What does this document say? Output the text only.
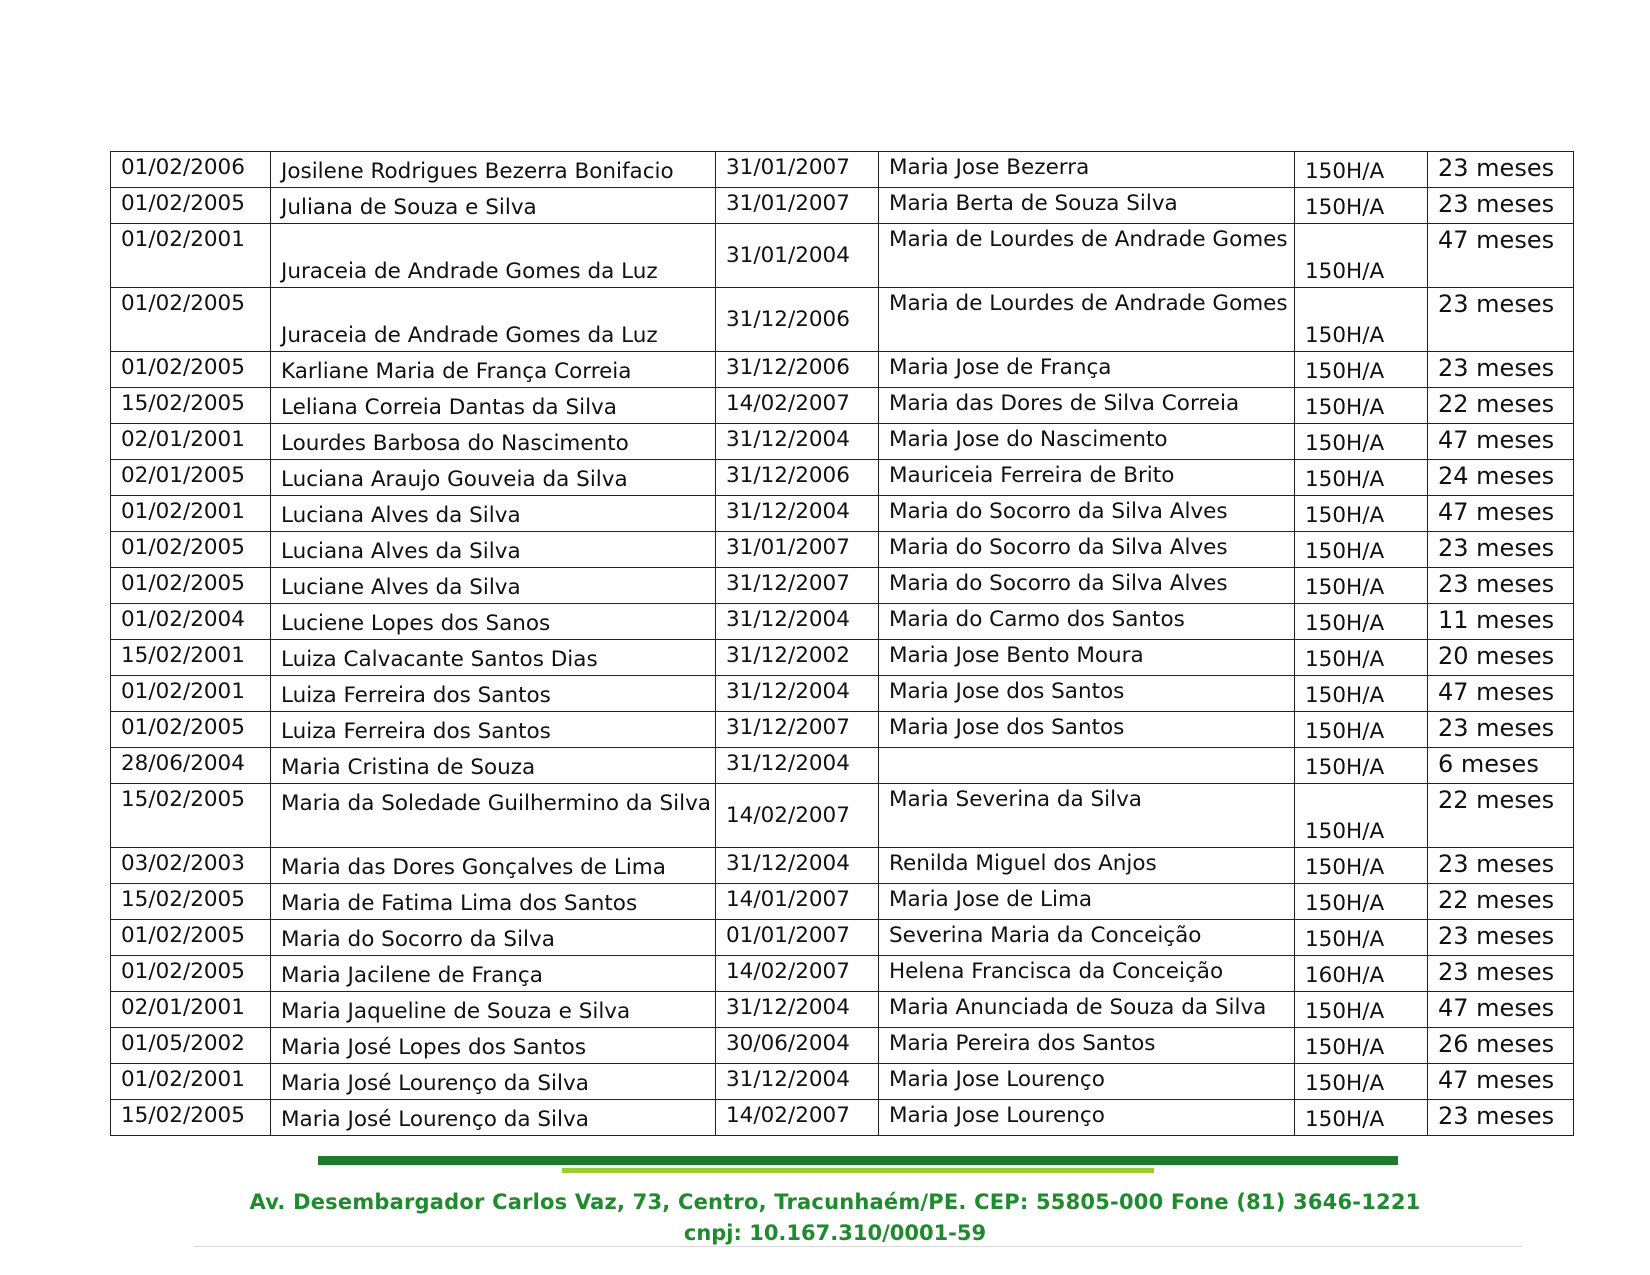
01/02/2006	Josilene Rodrigues Bezerra Bonifacio	31/01/2007	Maria Jose Bezerra	150H/A	23 meses
01/02/2005	Juliana de Souza e Silva	31/01/2007	Maria Berta de Souza Silva	150H/A	23 meses
01/02/2001	Juraceia de Andrade Gomes da Luz	31/01/2004	Maria de Lourdes de Andrade Gomes	150H/A	47 meses
01/02/2005	Juraceia de Andrade Gomes da Luz	31/12/2006	Maria de Lourdes de Andrade Gomes	150H/A	23 meses
01/02/2005	Karliane Maria de França Correia	31/12/2006	Maria Jose de França	150H/A	23 meses
15/02/2005	Leliana Correia Dantas da Silva	14/02/2007	Maria das Dores de Silva Correia	150H/A	22 meses
02/01/2001	Lourdes Barbosa do Nascimento	31/12/2004	Maria Jose do Nascimento	150H/A	47 meses
02/01/2005	Luciana Araujo Gouveia da Silva	31/12/2006	Mauriceia Ferreira de Brito	150H/A	24 meses
01/02/2001	Luciana Alves da Silva	31/12/2004	Maria do Socorro da Silva Alves	150H/A	47 meses
01/02/2005	Luciana Alves da Silva	31/01/2007	Maria do Socorro da Silva Alves	150H/A	23 meses
01/02/2005	Luciane Alves da Silva	31/12/2007	Maria do Socorro da Silva Alves	150H/A	23 meses
01/02/2004	Luciene Lopes dos Sanos	31/12/2004	Maria do Carmo dos Santos	150H/A	11 meses
15/02/2001	Luiza Calvacante Santos Dias	31/12/2002	Maria Jose Bento Moura	150H/A	20 meses
01/02/2001	Luiza Ferreira dos Santos	31/12/2004	Maria Jose dos Santos	150H/A	47 meses
01/02/2005	Luiza Ferreira dos Santos	31/12/2007	Maria Jose dos Santos	150H/A	23 meses
28/06/2004	Maria Cristina de Souza	31/12/2004		150H/A	6 meses
15/02/2005	Maria da Soledade Guilhermino da Silva	14/02/2007	Maria Severina da Silva	150H/A	22 meses
03/02/2003	Maria das Dores Gonçalves de Lima	31/12/2004	Renilda Miguel dos Anjos	150H/A	23 meses
15/02/2005	Maria de Fatima Lima dos Santos	14/01/2007	Maria Jose de Lima	150H/A	22 meses
01/02/2005	Maria do Socorro da Silva	01/01/2007	Severina Maria da Conceição	150H/A	23 meses
01/02/2005	Maria Jacilene de França	14/02/2007	Helena Francisca da Conceição	160H/A	23 meses
02/01/2001	Maria Jaqueline de Souza e Silva	31/12/2004	Maria Anunciada de Souza da Silva	150H/A	47 meses
01/05/2002	Maria José Lopes dos Santos	30/06/2004	Maria Pereira dos Santos	150H/A	26 meses
01/02/2001	Maria José Lourenço da Silva	31/12/2004	Maria Jose Lourenço	150H/A	47 meses
15/02/2005	Maria José Lourenço da Silva	14/02/2007	Maria Jose Lourenço	150H/A	23 meses
Av. Desembargador Carlos Vaz, 73, Centro, Tracunhaém/PE. CEP: 55805-000 Fone (81) 3646-1221
cnpj: 10.167.310/0001-59
